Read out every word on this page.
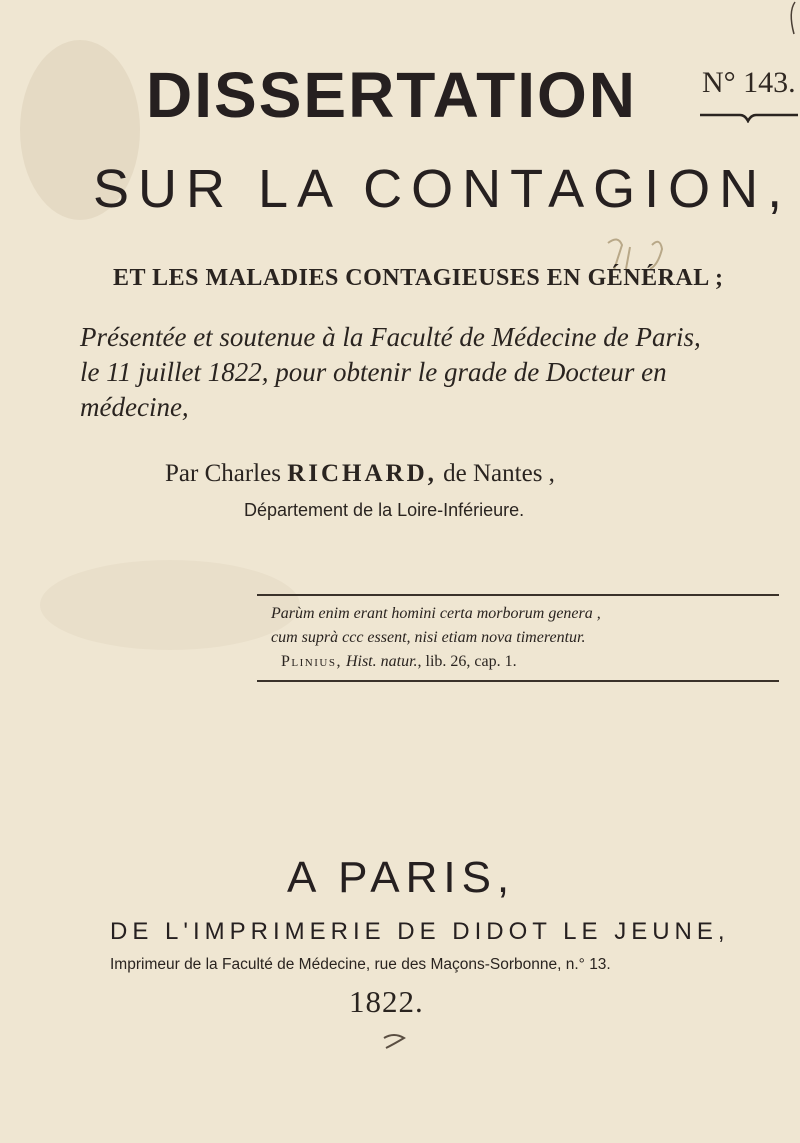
DISSERTATION N° 143.
SUR LA CONTAGION,
ET LES MALADIES CONTAGIEUSES EN GÉNÉRAL ;
Présentée et soutenue à la Faculté de Médecine de Paris,
le 11 juillet 1822, pour obtenir le grade de Docteur en
médecine,
Par Charles RICHARD, de Nantes ,
Département de la Loire-Inférieure.
Parùm enim erant homini certa morborum genera ,
cum suprà ccc essent, nisi etiam nova timerentur.
Plinius, Hist. natur., lib. 26, cap. 1.
A PARIS,
DE L'IMPRIMERIE DE DIDOT LE JEUNE,
Imprimeur de la Faculté de Médecine, rue des Maçons-Sorbonne, n.° 13.
1822.
